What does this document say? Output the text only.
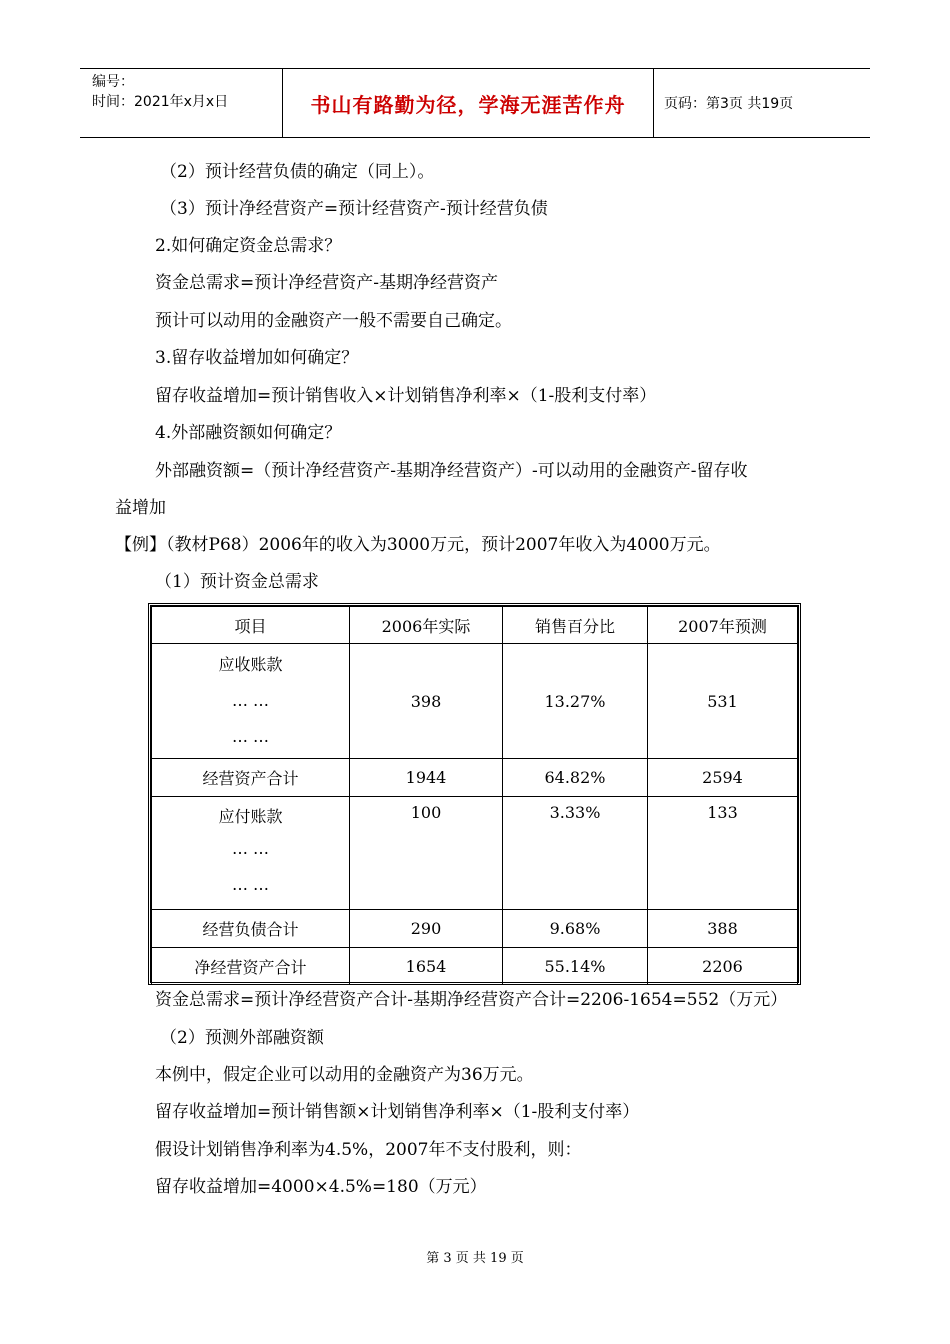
编号：
时间：2021年x月x日	书山有路勤为径，学海无涯苦作舟	页码：第3页 共19页
（2）预计经营负债的确定（同上）。
（3）预计净经营资产=预计经营资产-预计经营负债
2.如何确定资金总需求？
资金总需求=预计净经营资产-基期净经营资产
预计可以动用的金融资产一般不需要自己确定。
3.留存收益增加如何确定？
留存收益增加=预计销售收入×计划销售净利率×（1-股利支付率）
4.外部融资额如何确定？
外部融资额=（预计净经营资产-基期净经营资产）-可以动用的金融资产-留存收
益增加
【例】（教材P68）2006年的收入为3000万元，预计2007年收入为4000万元。
（1）预计资金总需求
项目	2006年实际	销售百分比	2007年预测

应收账款
… …
… …	398	13.27%	531
经营资产合计	1944	64.82%	2594

应付账款
… …
… …	100	3.33%	133
经营负债合计	290	9.68%	388
净经营资产合计	1654	55.14%	2206
资金总需求=预计净经营资产合计-基期净经营资产合计=2206-1654=552（万元）
（2）预测外部融资额
本例中，假定企业可以动用的金融资产为36万元。
留存收益增加=预计销售额×计划销售净利率×（1-股利支付率）
假设计划销售净利率为4.5%，2007年不支付股利，则：
留存收益增加=4000×4.5%=180（万元）
第 3 页 共 19 页
